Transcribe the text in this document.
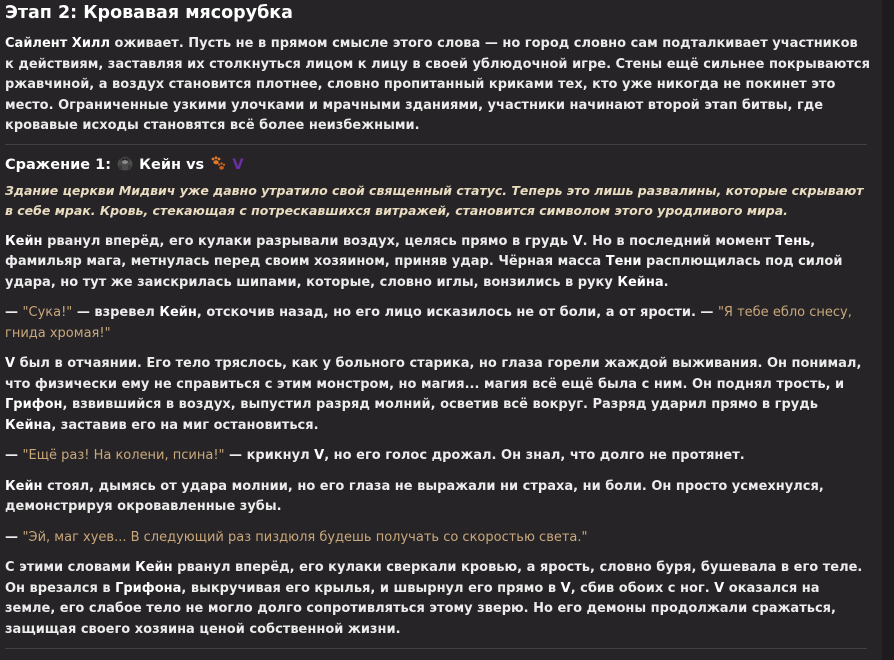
Этап 2: Кровавая мясорубка

Сайлент Хилл оживает. Пусть не в прямом смысле этого слова — но город словно сам подталкивает участников к действиям, заставляя их столкнуться лицом к лицу в своей ублюдочной игре. Стены ещё сильнее покрываются ржавчиной, а воздух становится плотнее, словно пропитанный криками тех, кто уже никогда не покинет это место. Ограниченные узкими улочками и мрачными зданиями, участники начинают второй этап битвы, где кровавые исходы становятся всё более неизбежными.

Сражение 1: Кейн vs V

Здание церкви Мидвич уже давно утратило свой священный статус. Теперь это лишь развалины, которые скрывают в себе мрак. Кровь, стекающая с потрескавшихся витражей, становится символом этого уродливого мира.

Кейн рванул вперёд, его кулаки разрывали воздух, целясь прямо в грудь V. Но в последний момент Тень, фамильяр мага, метнулась перед своим хозяином, приняв удар. Чёрная масса Тени расплющилась под силой удара, но тут же заискрилась шипами, которые, словно иглы, вонзились в руку Кейна.

— "Сука!" — взревел Кейн, отскочив назад, но его лицо исказилось не от боли, а от ярости. — "Я тебе ебло снесу, гнида хромая!"

V был в отчаянии. Его тело тряслось, как у больного старика, но глаза горели жаждой выживания. Он понимал, что физически ему не справиться с этим монстром, но магия... магия всё ещё была с ним. Он поднял трость, и Грифон, взвившийся в воздух, выпустил разряд молний, осветив всё вокруг. Разряд ударил прямо в грудь Кейна, заставив его на миг остановиться.

— "Ещё раз! На колени, псина!" — крикнул V, но его голос дрожал. Он знал, что долго не протянет.

Кейн стоял, дымясь от удара молнии, но его глаза не выражали ни страха, ни боли. Он просто усмехнулся, демонстрируя окровавленные зубы.

— "Эй, маг хуев... В следующий раз пиздюля будешь получать со скоростью света."

С этими словами Кейн рванул вперёд, его кулаки сверкали кровью, а ярость, словно буря, бушевала в его теле. Он врезался в Грифона, выкручивая его крылья, и швырнул его прямо в V, сбив обоих с ног. V оказался на земле, его слабое тело не могло долго сопротивляться этому зверю. Но его демоны продолжали сражаться, защищая своего хозяина ценой собственной жизни.
